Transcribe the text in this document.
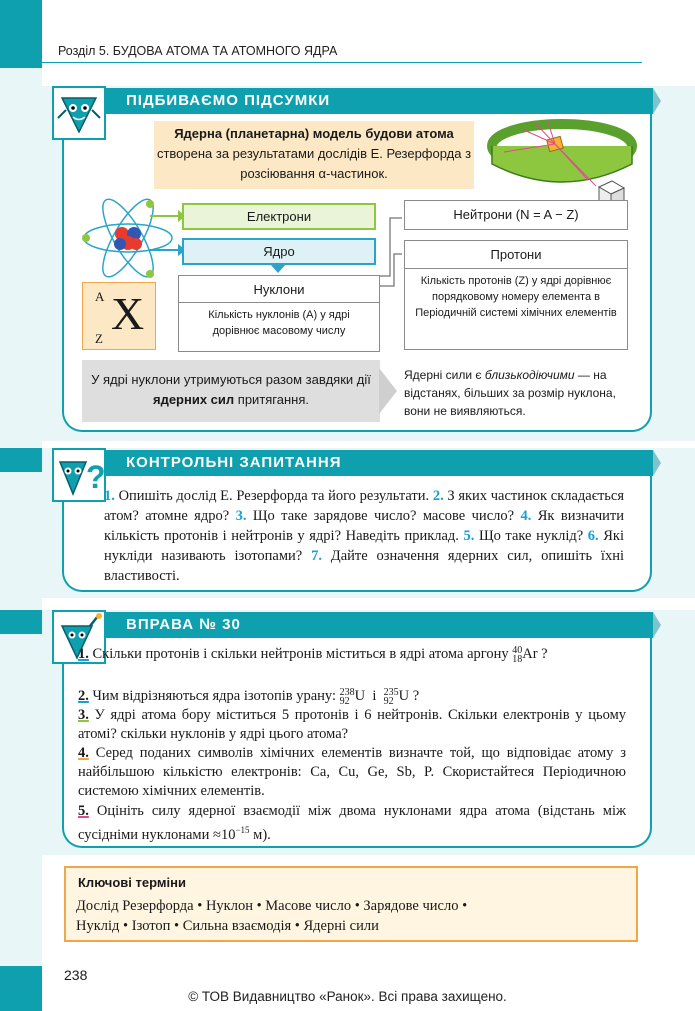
Розділ 5. БУДОВА АТОМА ТА АТОМНОГО ЯДРА
ПІДБИВАЄМО ПІДСУМКИ
Ядерна (планетарна) модель будови атома створена за результатами дослідів Е. Резерфорда з розсіювання α-частинок.
Електрони
Ядро
Нуклони
Кількість нуклонів (A) у ядрі дорівнює масовому числу
Нейтрони (N = A − Z)
Протони
Кількість протонів (Z) у ядрі дорівнює порядковому номеру елемента в Періодичній системі хімічних елементів
A X
Z
У ядрі нуклони утримуються разом завдяки дії ядерних сил притягання.
Ядерні сили є близькодіючими — на відстанях, більших за розмір нуклона, вони не виявляються.
КОНТРОЛЬНІ ЗАПИТАННЯ
?
1. Опишіть дослід Е. Резерфорда та його результати. 2. З яких частинок складається атом? атомне ядро? 3. Що таке зарядове число? масове число? 4. Як визначити кількість протонів і нейтронів у ядрі? Наведіть приклад. 5. Що таке нуклід? 6. Які нукліди називають ізотопами? 7. Дайте означення ядерних сил, опишіть їхні властивості.
ВПРАВА № 30
1. Скільки протонів і скільки нейтронів міститься в ядрі атома аргону 40
18 Ar ?
2. Чим відрізняються ядра ізотопів урану: 238
92 U  і 235
92 U ?
3. У ядрі атома бору міститься 5 протонів і 6 нейтронів. Скільки електронів у цьому атомі? скільки нуклонів у ядрі цього атома?
4. Серед поданих символів хімічних елементів визначте той, що відповідає атому з найбільшою кількістю електронів: Ca, Cu, Ge, Sb, P. Скористайтеся Періодичною системою хімічних елементів.
5. Оцініть силу ядерної взаємодії між двома нуклонами ядра атома (відстань між сусідніми нуклонами $\approx 10^{-15}$ м).
Ключові терміни
Дослід Резерфорда • Нуклон • Масове число • Зарядове число •
Нуклід • Ізотоп • Сильна взаємодія • Ядерні сили
238
© ТОВ Видавництво «Ранок». Всі права захищено.
